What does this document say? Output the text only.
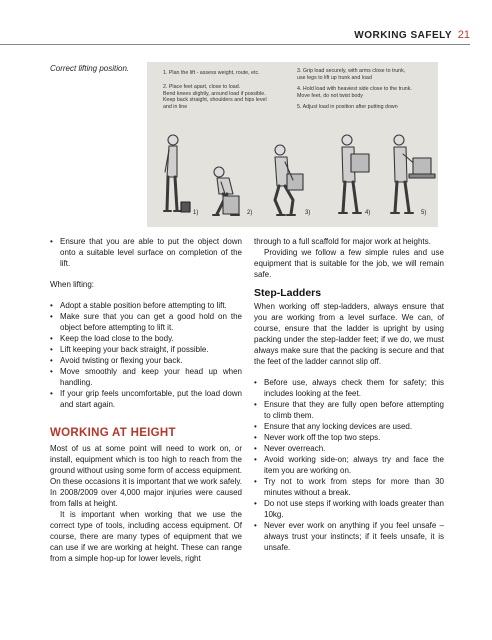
WORKING SAFELY 21
Correct lifting position.	1. Plan the lift - assess weight, route, etc.
2. Place feet apart, close to load.
Bend knees slightly, around load if possible.
Keep back straight, shoulders and hips level
and in line
3. Grip load securely, with arms close to trunk,
use legs to lift up trunk and load
4. Hold load with heaviest side close to the trunk.
Move feet, do not twist body
5. Adjust load in position after putting down
1)	2)	3)	4)	5)
• Ensure that you are able to put the object down onto a suitable level surface on completion of the lift.

When lifting:

• Adopt a stable position before attempting to lift.
• Make sure that you can get a good hold on the object before attempting to lift it.
• Keep the load close to the body.
• Lift keeping your back straight, if possible.
• Avoid twisting or flexing your back.
• Move smoothly and keep your head up when handling.
• If your grip feels uncomfortable, put the load down and start again.
WORKING AT HEIGHT

Most of us at some point will need to work on, or install, equipment which is too high to reach from the ground without using some form of access equipment. On these occasions it is important that we work safely. In 2008/2009 over 4,000 major injuries were caused from falls at height.

It is important when working that we use the correct type of tools, including access equipment. Of course, there are many types of equipment that we can use if we are working at height. These can range from a simple hop-up for lower levels, right

through to a full scaffold for major work at heights.

Providing we follow a few simple rules and use equipment that is suitable for the job, we will remain safe.

Step-Ladders

When working off step-ladders, always ensure that you are working from a level surface. We can, of course, ensure that the ladder is upright by using packing under the step-ladder feet; if we do, we must always make sure that the packing is secure and that the feet of the ladder cannot slip off.

• Before use, always check them for safety; this includes looking at the feet.
• Ensure that they are fully open before attempting to climb them.
• Ensure that any locking devices are used.
• Never work off the top two steps.
• Never overreach.
• Avoid working side-on; always try and face the item you are working on.
• Try not to work from steps for more than 30 minutes without a break.
• Do not use steps if working with loads greater than 10kg.
• Never ever work on anything if you feel unsafe – always trust your instincts; if it feels unsafe, it is unsafe.
